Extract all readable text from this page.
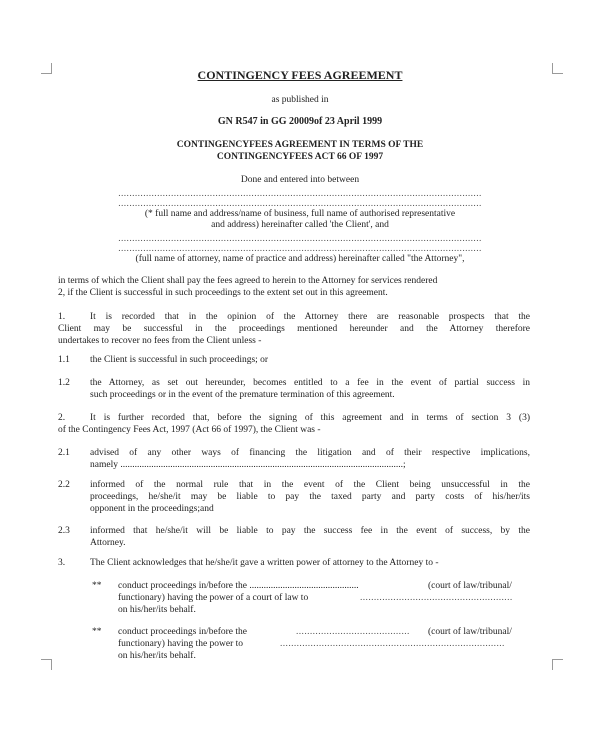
CONTINGENCY FEES AGREEMENT
as published in
GN R547 in GG 20009of 23 April 1999
CONTINGENCYFEES AGREEMENT IN TERMS OF THE
CONTINGENCYFEES ACT 66 OF 1997
Done and entered into between
...................................................................................................................................
...................................................................................................................................
(* full name and address/name of business, full name of authorised representative
and address) hereinafter called 'the Client', and
...................................................................................................................................
...................................................................................................................................
(full name of attorney, name of practice and address) hereinafter called "the Attorney",
in terms of which the Client shall pay the fees agreed to herein to the Attorney for services rendered
2, if the Client is successful in such proceedings to the extent set out in this agreement.
1.	It is recorded that in the opinion of the Attorney there are reasonable prospects that the
Client may be successful in the proceedings mentioned hereunder and the Attorney therefore
undertakes to recover no fees from the Client unless -
1.1 the Client is successful in such proceedings; or
1.2 the Attorney, as set out hereunder, becomes entitled to a fee in the event of partial success in
such proceedings or in the event of the premature termination of this agreement.
2.	It is further recorded that, before the signing of this agreement and in terms of section 3 (3)
of the Contingency Fees Act, 1997 (Act 66 of 1997), the Client was -
2.1 advised of any other ways of financing the litigation and of their respective implications,
namely .......................................................................................................................;
2.2 informed of the normal rule that in the event of the Client being unsuccessful in the
proceedings, he/she/it may be liable to pay the taxed party and party costs of his/her/its
opponent in the proceedings;and
2.3 informed that he/she/it will be liable to pay the success fee in the event of success, by the
Attorney.
3.	The Client acknowledges that he/she/it gave a written power of attorney to the Attorney to -
** conduct proceedings in/before the ..............................................	(court of law/tribunal/
functionary) having the power of a court of law to	.......................................................
on his/her/its behalf.
** conduct proceedings in/before the	......................................... (court of law/tribunal/
functionary) having the power to	.................................................................................
on his/her/its behalf.
